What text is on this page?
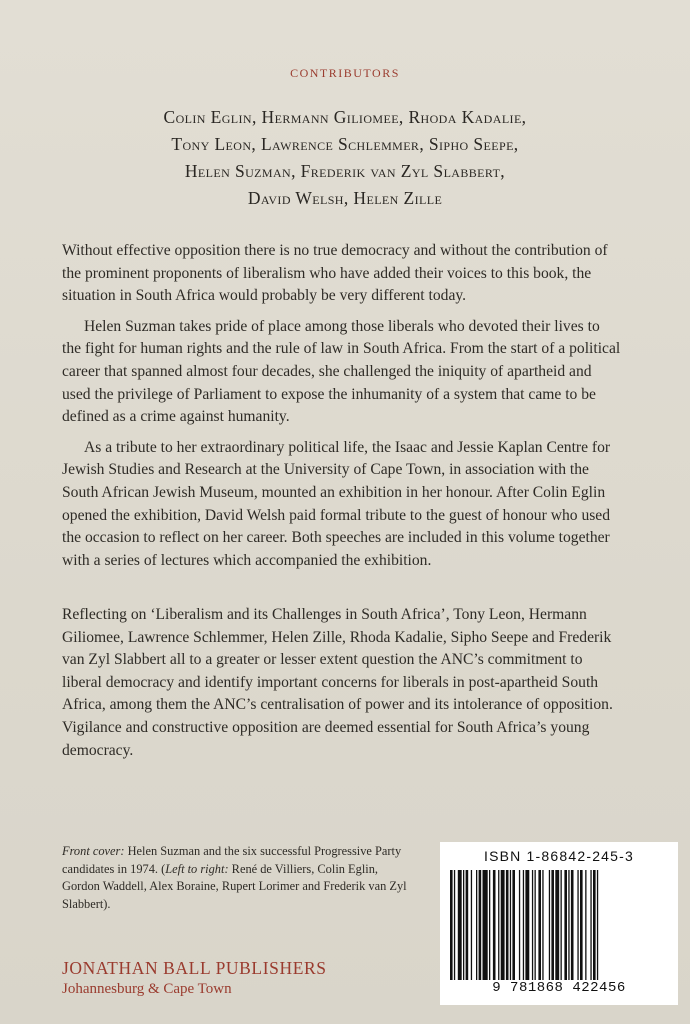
CONTRIBUTORS
Colin Eglin, Hermann Giliomee, Rhoda Kadalie,
Tony Leon, Lawrence Schlemmer, Sipho Seepe,
Helen Suzman, Frederik van Zyl Slabbert,
David Welsh, Helen Zille

Without effective opposition there is no true democracy and without the contribution of the prominent proponents of liberalism who have added their voices to this book, the situation in South Africa would probably be very different today.

Helen Suzman takes pride of place among those liberals who devoted their lives to the fight for human rights and the rule of law in South Africa. From the start of a political career that spanned almost four decades, she challenged the iniquity of apartheid and used the privilege of Parliament to expose the inhumanity of a system that came to be defined as a crime against humanity.

As a tribute to her extraordinary political life, the Isaac and Jessie Kaplan Centre for Jewish Studies and Research at the University of Cape Town, in association with the South African Jewish Museum, mounted an exhibition in her honour. After Colin Eglin opened the exhibition, David Welsh paid formal tribute to the guest of honour who used the occasion to reflect on her career. Both speeches are included in this volume together with a series of lectures which accompanied the exhibition.

Reflecting on ‘Liberalism and its Challenges in South Africa’, Tony Leon, Hermann Giliomee, Lawrence Schlemmer, Helen Zille, Rhoda Kadalie, Sipho Seepe and Frederik van Zyl Slabbert all to a greater or lesser extent question the ANC’s commitment to liberal democracy and identify important concerns for liberals in post-apartheid South Africa, among them the ANC’s centralisation of power and its intolerance of opposition. Vigilance and constructive opposition are deemed essential for South Africa’s young democracy.

Front cover: Helen Suzman and the six successful Progressive Party candidates in 1974. (Left to right: René de Villiers, Colin Eglin, Gordon Waddell, Alex Boraine, Rupert Lorimer and Frederik van Zyl Slabbert).
JONATHAN BALL PUBLISHERS
Johannesburg & Cape Town
ISBN 1-86842-245-3
9 781868 422456
